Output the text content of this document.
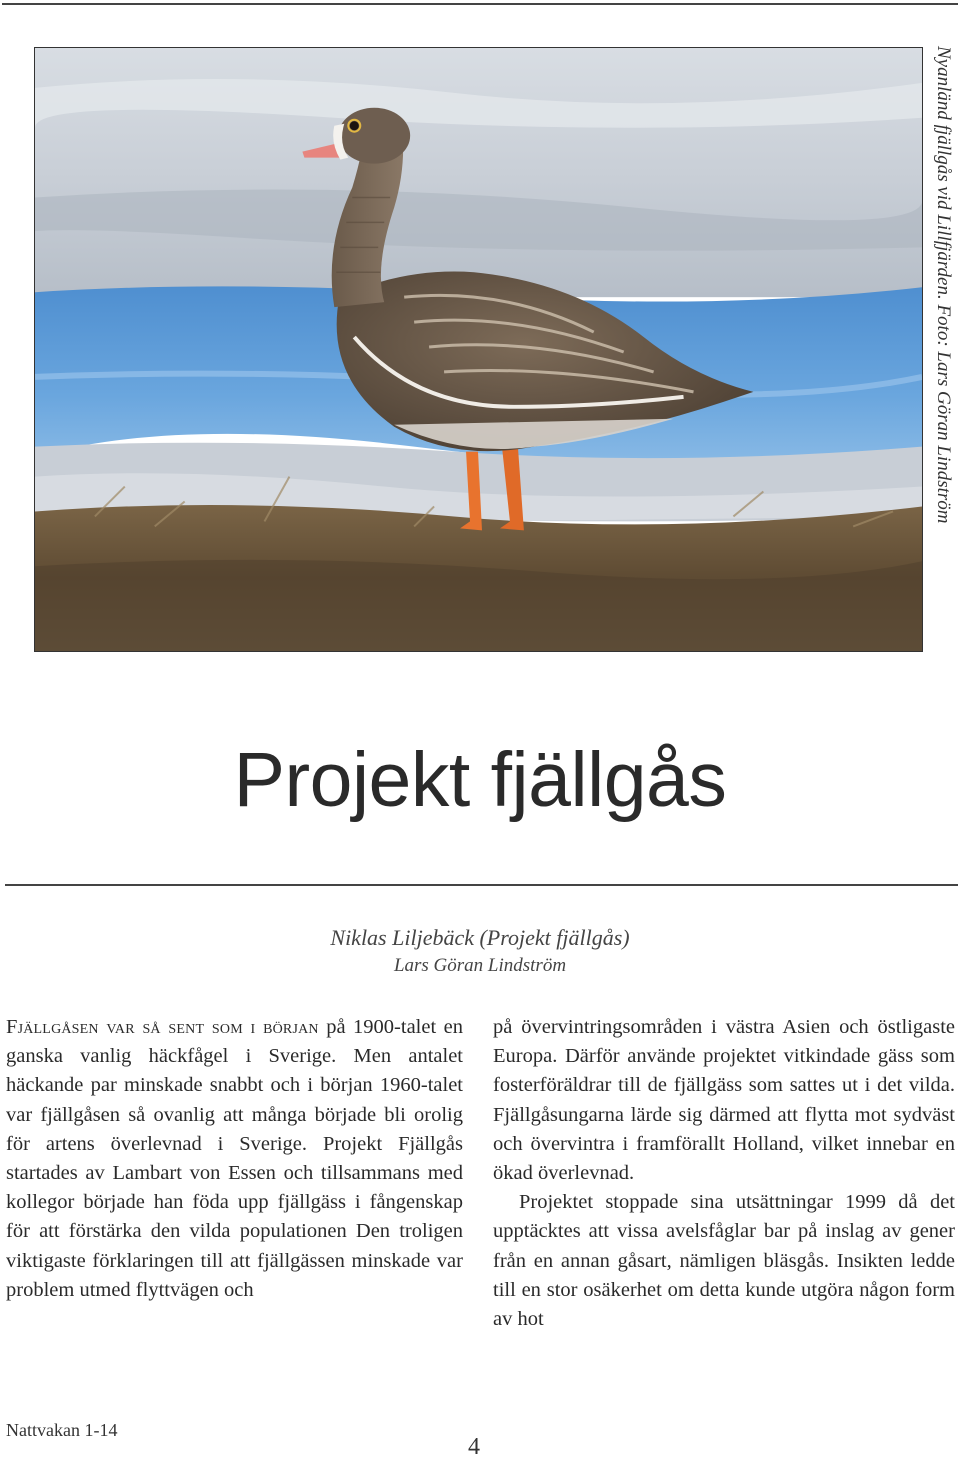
Nyanländ fjällgås vid Lillfjärden. Foto: Lars Göran Lindström
Projekt fjällgås
Niklas Liljebäck (Projekt fjällgås)
Lars Göran Lindström

Fjällgåsen var så sent som i början på 1900-talet en ganska vanlig häckfågel i Sverige. Men antalet häckande par minskade snabbt och i början 1960-talet var fjällgåsen så ovanlig att många började bli orolig för artens överlevnad i Sverige. Projekt Fjällgås startades av Lambart von Essen och tillsammans med kollegor började han föda upp fjällgäss i fångenskap för att förstärka den vilda populationen Den troligen viktigaste förklaringen till att fjällgässen minskade var problem utmed flyttvägen och

på övervintringsområden i västra Asien och östligaste Europa. Därför använde projektet vitkindade gäss som fosterföräldrar till de fjällgäss som sattes ut i det vilda. Fjällgåsungarna lärde sig därmed att flytta mot sydväst och övervintra i framförallt Holland, vilket innebar en ökad överlevnad.

Projektet stoppade sina utsättningar 1999 då det upptäcktes att vissa avelsfåglar bar på inslag av gener från en annan gåsart, nämligen bläsgås. Insikten ledde till en stor osäkerhet om detta kunde utgöra någon form av hot

Nattvakan 1-14
4
